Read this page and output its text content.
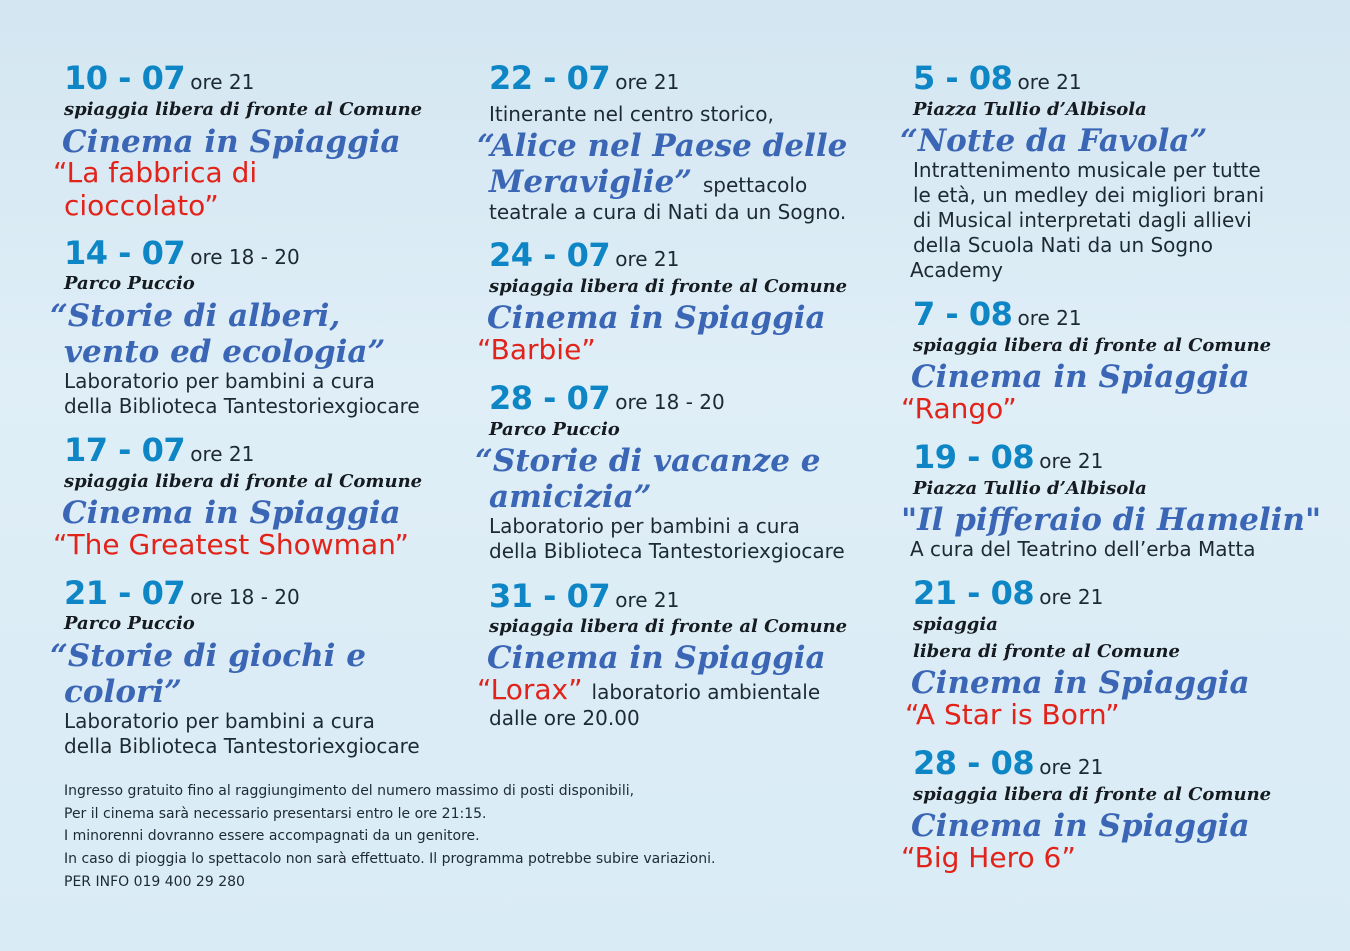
10 - 07 ore 21
spiaggia libera di fronte al Comune
Cinema in Spiaggia
“La fabbrica di
cioccolato”
14 - 07 ore 18 - 20
Parco Puccio
“Storie di alberi,
vento ed ecologia”
Laboratorio per bambini a cura
della Biblioteca Tantestoriexgiocare
17 - 07 ore 21
spiaggia libera di fronte al Comune
Cinema in Spiaggia
“The Greatest Showman”
21 - 07 ore 18 - 20
Parco Puccio
“Storie di giochi e
colori”
Laboratorio per bambini a cura
della Biblioteca Tantestoriexgiocare
22 - 07 ore 21
Itinerante nel centro storico,
“Alice nel Paese delle
Meraviglie” spettacolo
teatrale a cura di Nati da un Sogno.
24 - 07 ore 21
spiaggia libera di fronte al Comune
Cinema in Spiaggia
“Barbie”
28 - 07 ore 18 - 20
Parco Puccio
“Storie di vacanze e
amicizia”
Laboratorio per bambini a cura
della Biblioteca Tantestoriexgiocare
31 - 07 ore 21
spiaggia libera di fronte al Comune
Cinema in Spiaggia
“Lorax” laboratorio ambientale
dalle ore 20.00
5 - 08 ore 21
Piazza Tullio d’Albisola
“Notte da Favola”
Intrattenimento musicale per tutte
le età, un medley dei migliori brani
di Musical interpretati dagli allievi
della Scuola Nati da un Sogno
Academy
7 - 08 ore 21
spiaggia libera di fronte al Comune
Cinema in Spiaggia
“Rango”
19 - 08 ore 21
Piazza Tullio d’Albisola
"Il pifferaio di Hamelin"
A cura del Teatrino dell’erba Matta
21 - 08 ore 21
spiaggia
libera di fronte al Comune
Cinema in Spiaggia
“A Star is Born”
28 - 08 ore 21
spiaggia libera di fronte al Comune
Cinema in Spiaggia
“Big Hero 6”
Ingresso gratuito fino al raggiungimento del numero massimo di posti disponibili,
Per il cinema sarà necessario presentarsi entro le ore 21:15.
I minorenni dovranno essere accompagnati da un genitore.
In caso di pioggia lo spettacolo non sarà effettuato. Il programma potrebbe subire variazioni.
PER INFO 019 400 29 280
